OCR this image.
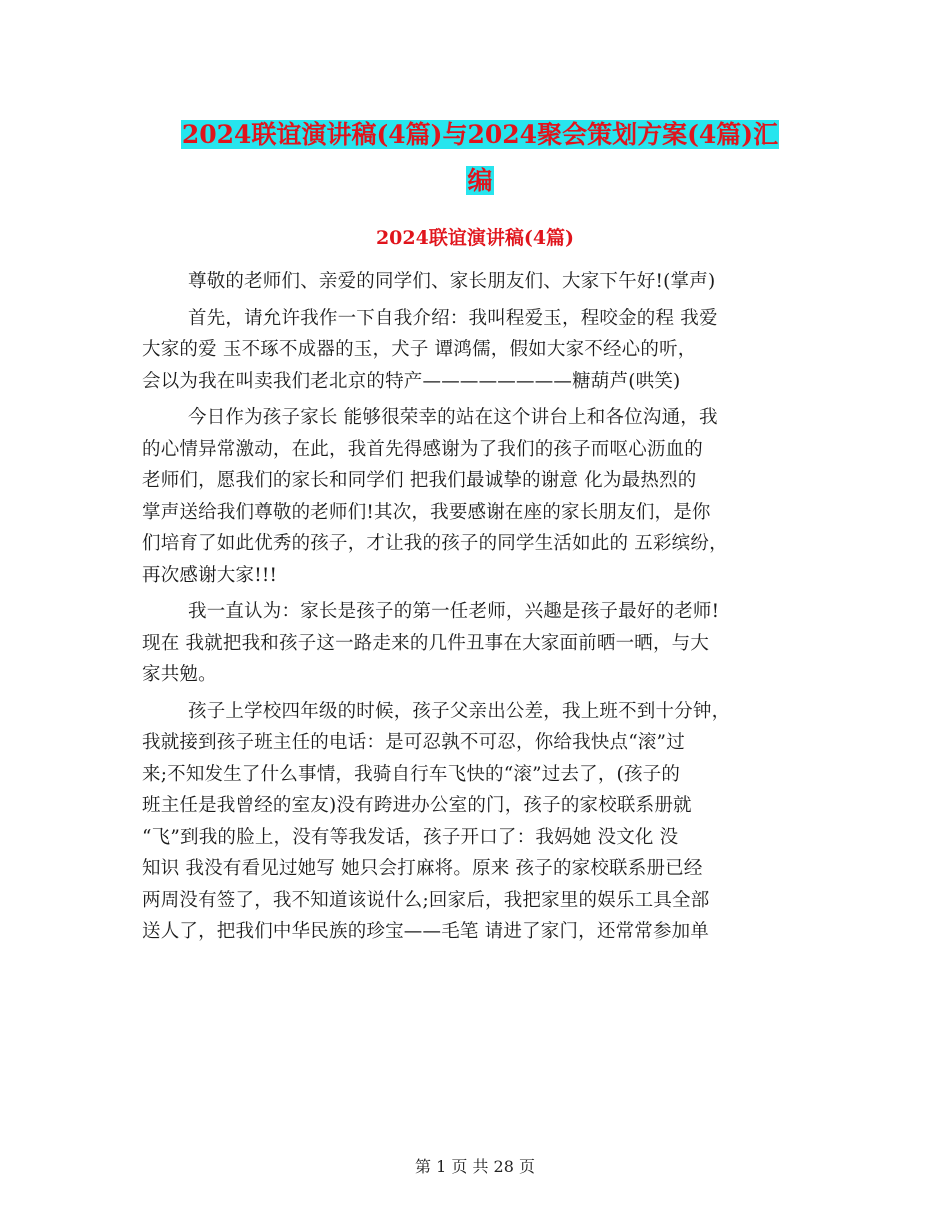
2024联谊演讲稿(4篇)与2024聚会策划方案(4篇)汇
编
2024联谊演讲稿(4篇)
尊敬的老师们、亲爱的同学们、家长朋友们、大家下午好!(掌声)
首先，请允许我作一下自我介绍：我叫程爱玉，程咬金的程 我爱
大家的爱 玉不琢不成器的玉，犬子 谭鸿儒，假如大家不经心的听，
会以为我在叫卖我们老北京的特产————————糖葫芦(哄笑)
今日作为孩子家长 能够很荣幸的站在这个讲台上和各位沟通，我
的心情异常激动，在此，我首先得感谢为了我们的孩子而呕心沥血的
老师们，愿我们的家长和同学们 把我们最诚挚的谢意 化为最热烈的
掌声送给我们尊敬的老师们!其次，我要感谢在座的家长朋友们，是你
们培育了如此优秀的孩子，才让我的孩子的同学生活如此的 五彩缤纷，
再次感谢大家!!!
我一直认为：家长是孩子的第一任老师，兴趣是孩子最好的老师!
现在 我就把我和孩子这一路走来的几件丑事在大家面前晒一晒，与大
家共勉。
孩子上学校四年级的时候，孩子父亲出公差，我上班不到十分钟，
我就接到孩子班主任的电话：是可忍孰不可忍，你给我快点“滚”过
来;不知发生了什么事情，我骑自行车飞快的“滚”过去了，(孩子的
班主任是我曾经的室友)没有跨进办公室的门，孩子的家校联系册就
“飞”到我的脸上，没有等我发话，孩子开口了：我妈她 没文化 没
知识 我没有看见过她写 她只会打麻将。原来 孩子的家校联系册已经
两周没有签了，我不知道该说什么;回家后，我把家里的娱乐工具全部
送人了，把我们中华民族的珍宝——毛笔 请进了家门，还常常参加单
第 1 页 共 28 页
